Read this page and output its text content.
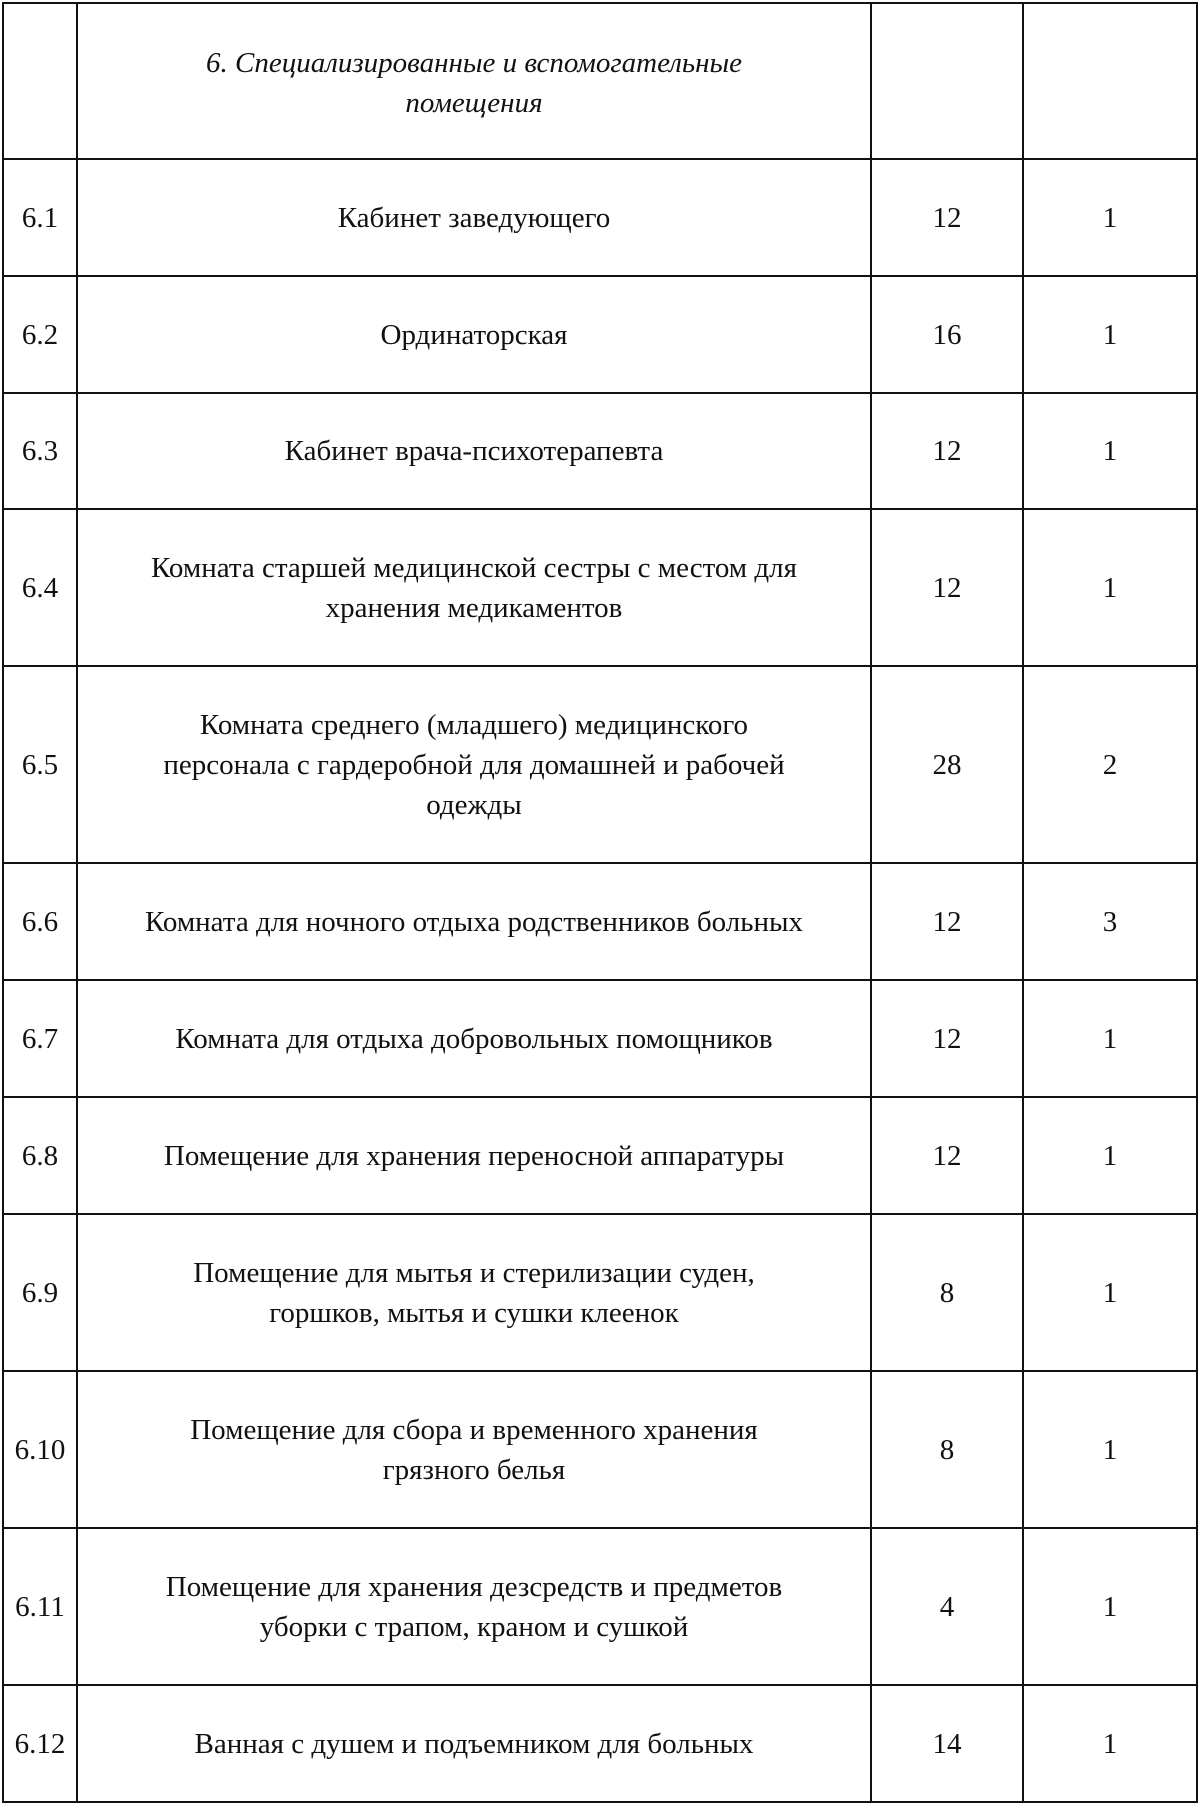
	6. Специализированные и вспомогательные
помещения		
6.1	Кабинет заведующего	12	1
6.2	Ординаторская	16	1
6.3	Кабинет врача-психотерапевта	12	1
6.4	Комната старшей медицинской сестры с местом для
хранения медикаментов	12	1
6.5	Комната среднего (младшего) медицинского
персонала с гардеробной для домашней и рабочей
одежды	28	2
6.6	Комната для ночного отдыха родственников больных	12	3
6.7	Комната для отдыха добровольных помощников	12	1
6.8	Помещение для хранения переносной аппаратуры	12	1
6.9	Помещение для мытья и стерилизации суден,
горшков, мытья и сушки клеенок	8	1
6.10	Помещение для сбора и временного хранения
грязного белья	8	1
6.11	Помещение для хранения дезсредств и предметов
уборки с трапом, краном и сушкой	4	1
6.12	Ванная с душем и подъемником для больных	14	1
